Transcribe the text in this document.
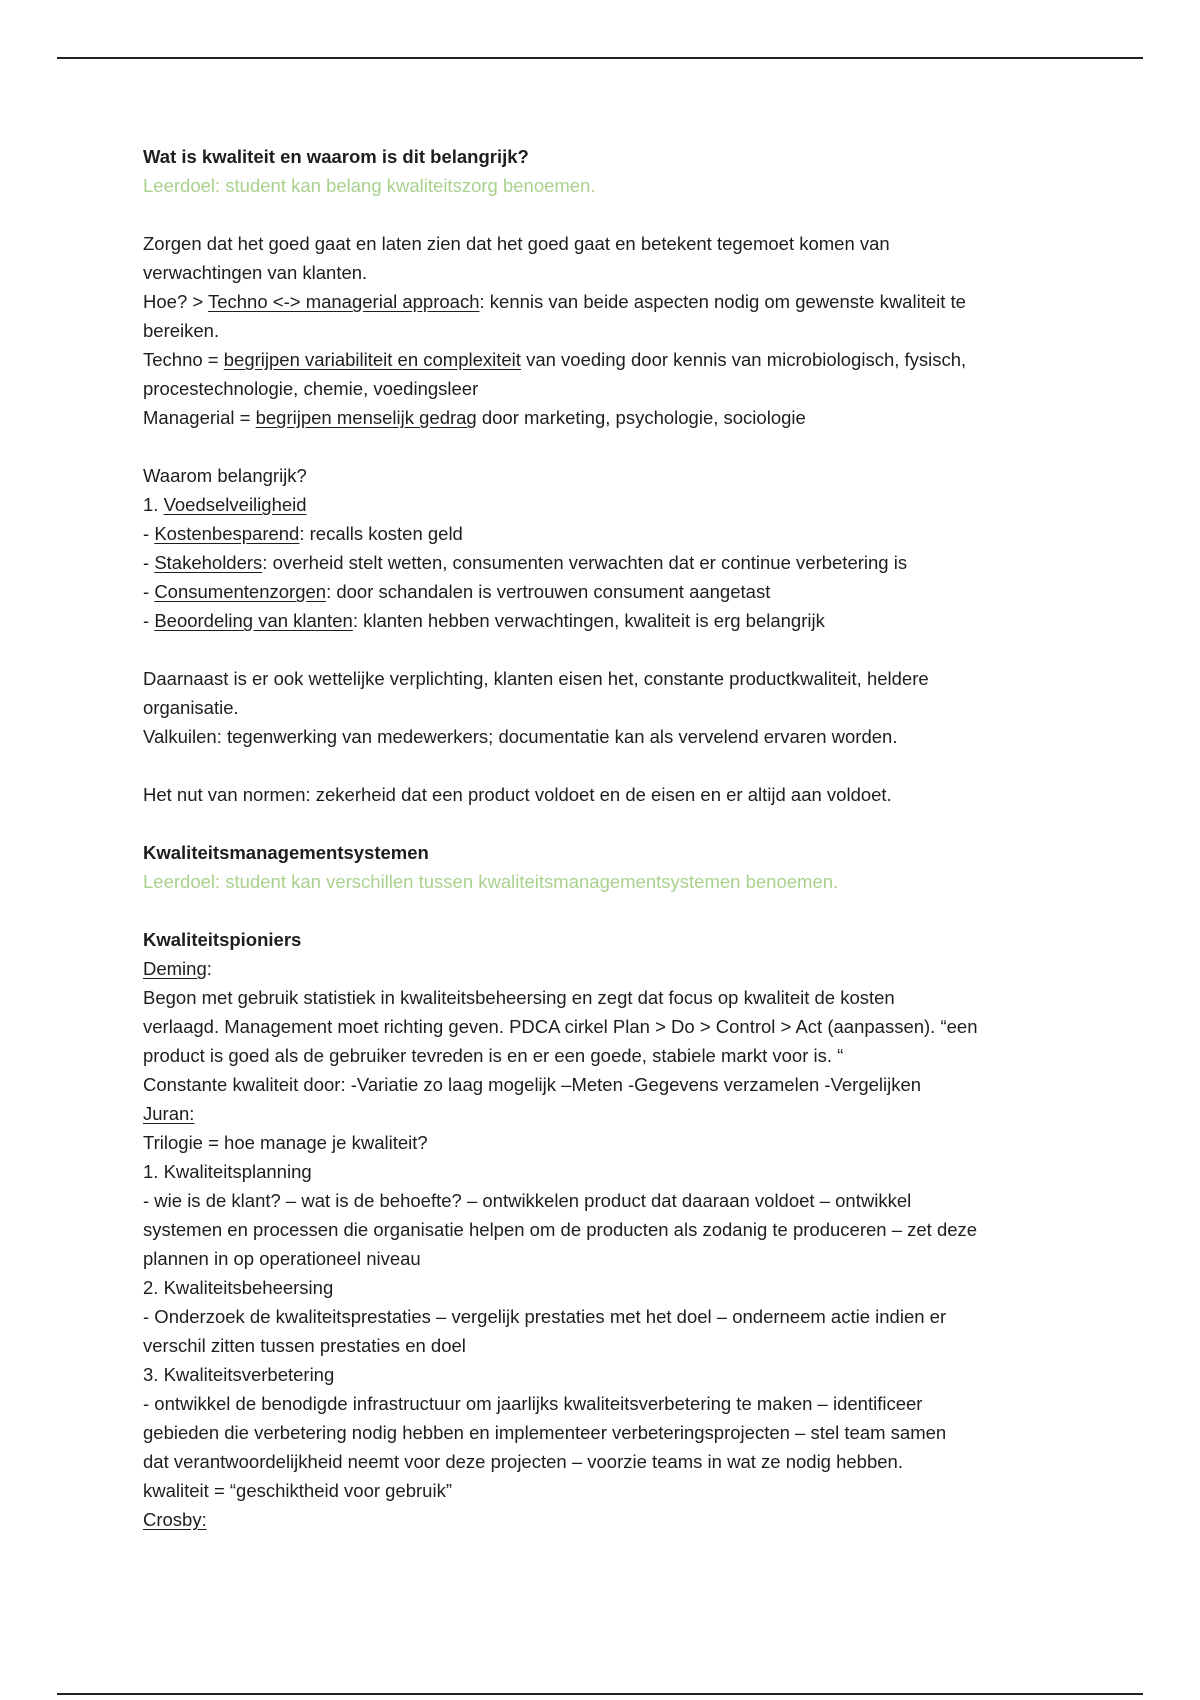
Wat is kwaliteit en waarom is dit belangrijk?

Leerdoel: student kan belang kwaliteitszorg benoemen.

Zorgen dat het goed gaat en laten zien dat het goed gaat en betekent tegemoet komen van

verwachtingen van klanten.

Hoe? > Techno <-> managerial approach: kennis van beide aspecten nodig om gewenste kwaliteit te

bereiken.

Techno = begrijpen variabiliteit en complexiteit van voeding door kennis van microbiologisch, fysisch,

procestechnologie, chemie, voedingsleer

Managerial = begrijpen menselijk gedrag door marketing, psychologie, sociologie

Waarom belangrijk?

1. Voedselveiligheid

- Kostenbesparend: recalls kosten geld

- Stakeholders: overheid stelt wetten, consumenten verwachten dat er continue verbetering is

- Consumentenzorgen: door schandalen is vertrouwen consument aangetast

- Beoordeling van klanten: klanten hebben verwachtingen, kwaliteit is erg belangrijk

Daarnaast is er ook wettelijke verplichting, klanten eisen het, constante productkwaliteit, heldere

organisatie.

Valkuilen: tegenwerking van medewerkers; documentatie kan als vervelend ervaren worden.

Het nut van normen: zekerheid dat een product voldoet en de eisen en er altijd aan voldoet.

Kwaliteitsmanagementsystemen

Leerdoel: student kan verschillen tussen kwaliteitsmanagementsystemen benoemen.

Kwaliteitspioniers

Deming:

Begon met gebruik statistiek in kwaliteitsbeheersing en zegt dat focus op kwaliteit de kosten

verlaagd. Management moet richting geven. PDCA cirkel Plan > Do > Control > Act (aanpassen). “een

product is goed als de gebruiker tevreden is en er een goede, stabiele markt voor is. “

Constante kwaliteit door: -Variatie zo laag mogelijk –Meten -Gegevens verzamelen -Vergelijken

Juran:

Trilogie = hoe manage je kwaliteit?

1. Kwaliteitsplanning

- wie is de klant? – wat is de behoefte? – ontwikkelen product dat daaraan voldoet – ontwikkel

systemen en processen die organisatie helpen om de producten als zodanig te produceren – zet deze

plannen in op operationeel niveau

2. Kwaliteitsbeheersing

- Onderzoek de kwaliteitsprestaties – vergelijk prestaties met het doel – onderneem actie indien er

verschil zitten tussen prestaties en doel

3. Kwaliteitsverbetering

- ontwikkel de benodigde infrastructuur om jaarlijks kwaliteitsverbetering te maken – identificeer

gebieden die verbetering nodig hebben en implementeer verbeteringsprojecten – stel team samen

dat verantwoordelijkheid neemt voor deze projecten – voorzie teams in wat ze nodig hebben.

kwaliteit = “geschiktheid voor gebruik”

Crosby:
